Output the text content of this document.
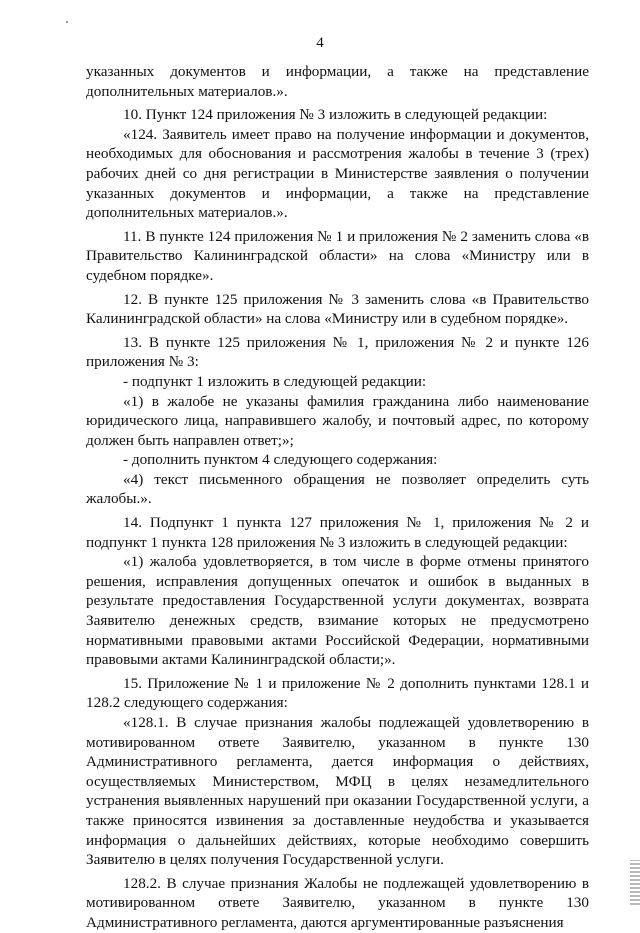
4

указанных документов и информации, а также на представление дополнительных материалов.».

10. Пункт 124 приложения № 3 изложить в следующей редакции:

«124. Заявитель имеет право на получение информации и документов, необходимых для обоснования и рассмотрения жалобы в течение 3 (трех) рабочих дней со дня регистрации в Министерстве заявления о получении указанных документов и информации, а также на представление дополнительных материалов.».

11. В пункте 124 приложения № 1 и приложения № 2 заменить слова «в Правительство Калининградской области» на слова «Министру или в судебном порядке».

12. В пункте 125 приложения № 3 заменить слова «в Правительство Калининградской области» на слова «Министру или в судебном порядке».

13. В пункте 125 приложения № 1, приложения № 2 и пункте 126 приложения № 3:

- подпункт 1 изложить в следующей редакции:

«1) в жалобе не указаны фамилия гражданина либо наименование юридического лица, направившего жалобу, и почтовый адрес, по которому должен быть направлен ответ;»;

- дополнить пунктом 4 следующего содержания:

«4) текст письменного обращения не позволяет определить суть жалобы.».

14. Подпункт 1 пункта 127 приложения № 1, приложения № 2 и подпункт 1 пункта 128 приложения № 3 изложить в следующей редакции:

«1) жалоба удовлетворяется, в том числе в форме отмены принятого решения, исправления допущенных опечаток и ошибок в выданных в результате предоставления Государственной услуги документах, возврата Заявителю денежных средств, взимание которых не предусмотрено нормативными правовыми актами Российской Федерации, нормативными правовыми актами Калининградской области;».

15. Приложение № 1 и приложение № 2 дополнить пунктами 128.1 и 128.2 следующего содержания:

«128.1. В случае признания жалобы подлежащей удовлетворению в мотивированном ответе Заявителю, указанном в пункте 130 Административного регламента, дается информация о действиях, осуществляемых Министерством, МФЦ в целях незамедлительного устранения выявленных нарушений при оказании Государственной услуги, а также приносятся извинения за доставленные неудобства и указывается информация о дальнейших действиях, которые необходимо совершить Заявителю в целях получения Государственной услуги.

128.2. В случае признания Жалобы не подлежащей удовлетворению в мотивированном ответе Заявителю, указанном в пункте 130 Административного регламента, даются аргументированные разъяснения
